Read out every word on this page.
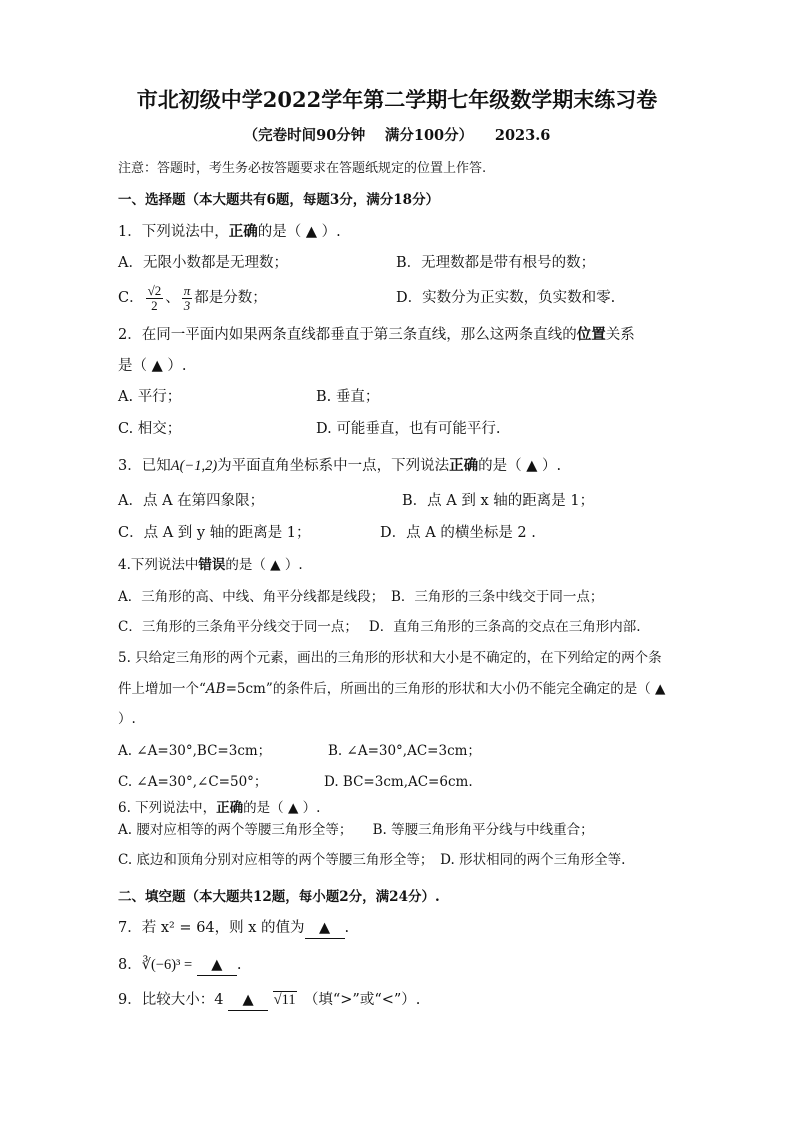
市北初级中学2022学年第二学期七年级数学期末练习卷
（完卷时间90分钟　 满分100分）　　2023.6
注意：答题时，考生务必按答题要求在答题纸规定的位置上作答.
一、选择题（本大题共有6题，每题3分，满分18分）
1．下列说法中，正确的是（ ▲ ）.
A．无限小数都是无理数；	B．无理数都是带有根号的数；
C． $\frac{√2}{2}$ 、 $\frac{\pi}{3}$ 都是分数；	D．实数分为正实数，负实数和零.
2．在同一平面内如果两条直线都垂直于第三条直线，那么这两条直线的位置关系
是（ ▲ ）.
A. 平行；	B. 垂直；
C. 相交；	D. 可能垂直，也有可能平行.
3．已知A(−1,2)为平面直角坐标系中一点，下列说法正确的是（ ▲ ）.
A．点 A 在第四象限；	B．点 A 到 x 轴的距离是 1；
C．点 A 到 y 轴的距离是 1；	D．点 A 的横坐标是 2 .
4.下列说法中错误的是（ ▲ ）.
A．三角形的高、中线、角平分线都是线段；　B．三角形的三条中线交于同一点；
C．三角形的三条角平分线交于同一点；　 D．直角三角形的三条高的交点在三角形内部.
5. 只给定三角形的两个元素，画出的三角形的形状和大小是不确定的，在下列给定的两个条
件上增加一个“AB=5cm”的条件后，所画出的三角形的形状和大小仍不能完全确定的是（ ▲
）.
A. ∠A=30°,BC=3cm；	B. ∠A=30°,AC=3cm；
C. ∠A=30°,∠C=50°；	D. BC=3cm,AC=6cm.
6. 下列说法中，正确的是（ ▲ ）.
A. 腰对应相等的两个等腰三角形全等；　　B. 等腰三角形角平分线与中线重合；
C. 底边和顶角分别对应相等的两个等腰三角形全等；　D. 形状相同的两个三角形全等.
二、填空题（本大题共12题，每小题2分，满24分）.
7．若 x² = 64，则 x 的值为 ▲ .
8．∛(−6)³ = ▲ .
9．比较大小：4 ▲ √11　 （填“>”或“<”）.
